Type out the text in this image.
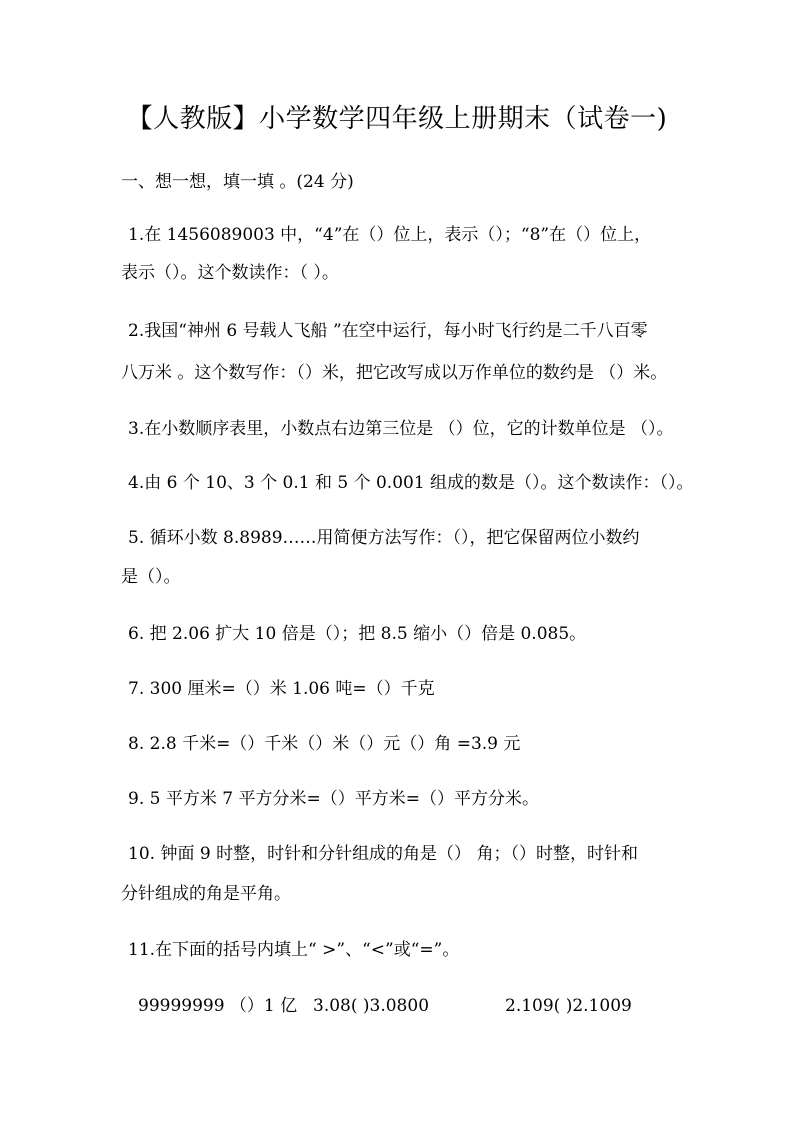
【人教版】小学数学四年级上册期末（试卷一)
一、想一想，填一填 。(24 分)
1.在 1456089003 中，“4”在（）位上，表示（）；“8”在（）位上，
表示（）。这个数读作：（ ）。
2.我国“神州 6 号载人飞船 ”在空中运行，每小时飞行约是二千八百零
八万米 。这个数写作：（）米，把它改写成以万作单位的数约是 （）米。
3.在小数顺序表里，小数点右边第三位是 （）位，它的计数单位是 （）。
4.由 6 个 10、3 个 0.1 和 5 个 0.001 组成的数是（）。这个数读作：（）。
5. 循环小数 8.8989……用简便方法写作：（），把它保留两位小数约
是（）。
6. 把 2.06 扩大 10 倍是（）；把 8.5 缩小（）倍是 0.085。
7. 300 厘米=（）米 1.06 吨=（）千克
8. 2.8 千米=（）千米（）米（）元（）角 =3.9 元
9. 5 平方米 7 平方分米=（）平方米=（）平方分米。
10. 钟面 9 时整，时针和分针组成的角是（） 角；（）时整，时针和
分针组成的角是平角。
11.在下面的括号内填上“ >”、“<”或“=”。
99999999 （）1 亿 3.08( )3.0800	2.109( )2.1009
